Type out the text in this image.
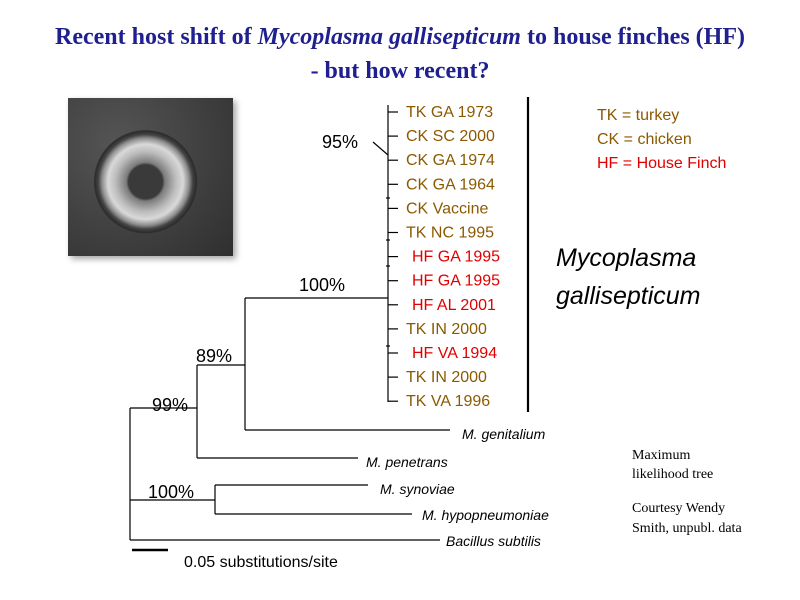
Recent host shift of Mycoplasma gallisepticum to house finches (HF)
- but how recent?
TK GA 1973
CK SC 2000
CK GA 1974
CK GA 1964
CK Vaccine
TK NC 1995
HF GA 1995
HF GA 1995
HF AL 2001
TK IN 2000
HF VA 1994
TK IN 2000
TK VA 1996
M. genitalium
M. penetrans
M. synoviae
M. hypopneumoniae
Bacillus subtilis
95%
100%
89%
99%
100%
Mycoplasma
gallisepticum
TK = turkey
CK = chicken
HF = House Finch
Maximum
likelihood tree
Courtesy Wendy
Smith, unpubl. data
0.05 substitutions/site
